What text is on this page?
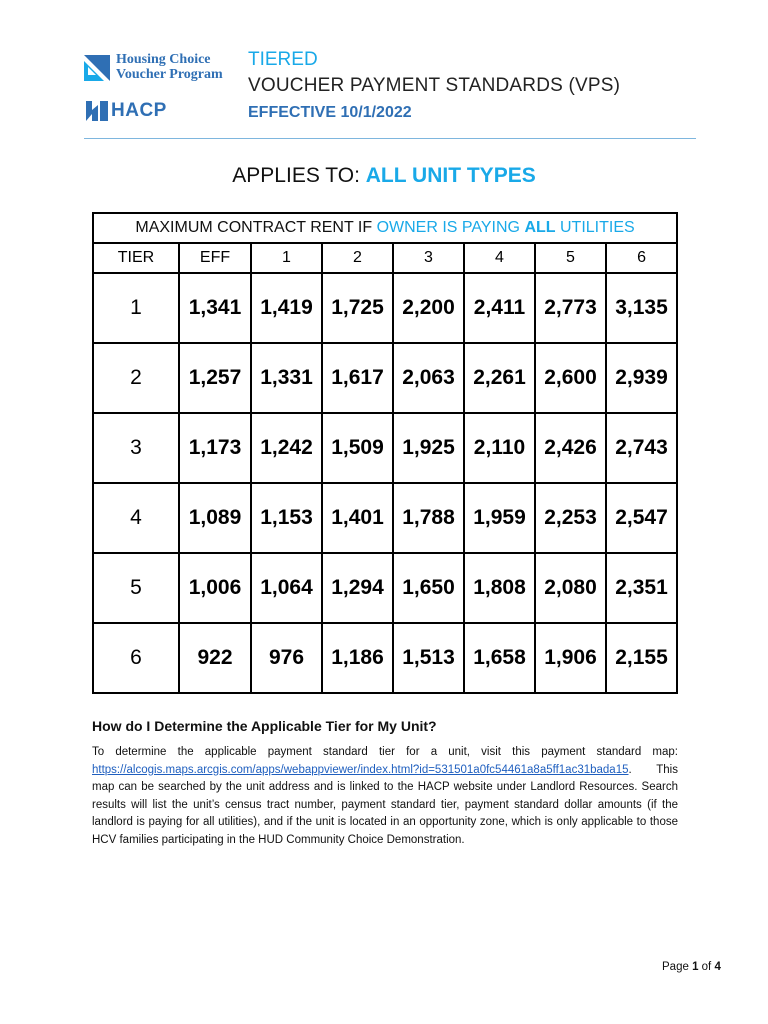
Housing Choice
Voucher Program
HACP
TIERED
VOUCHER PAYMENT STANDARDS (VPS)
EFFECTIVE 10/1/2022
APPLIES TO: ALL UNIT TYPES
MAXIMUM CONTRACT RENT IF OWNER IS PAYING ALL UTILITIES							
TIER	EFF	1	2	3	4	5	6
1	1,341	1,419	1,725	2,200	2,411	2,773	3,135
2	1,257	1,331	1,617	2,063	2,261	2,600	2,939
3	1,173	1,242	1,509	1,925	2,110	2,426	2,743
4	1,089	1,153	1,401	1,788	1,959	2,253	2,547
5	1,006	1,064	1,294	1,650	1,808	2,080	2,351
6	922	976	1,186	1,513	1,658	1,906	2,155
How do I Determine the Applicable Tier for My Unit?

To determine the applicable payment standard tier for a unit, visit this payment standard map: https://alcogis.maps.arcgis.com/apps/webappviewer/index.html?id=531501a0fc54461a8a5ff1ac31bada15. This map can be searched by the unit address and is linked to the HACP website under Landlord Resources. Search results will list the unit’s census tract number, payment standard tier, payment standard dollar amounts (if the landlord is paying for all utilities), and if the unit is located in an opportunity zone, which is only applicable to those HCV families participating in the HUD Community Choice Demonstration.

Page 1 of 4
